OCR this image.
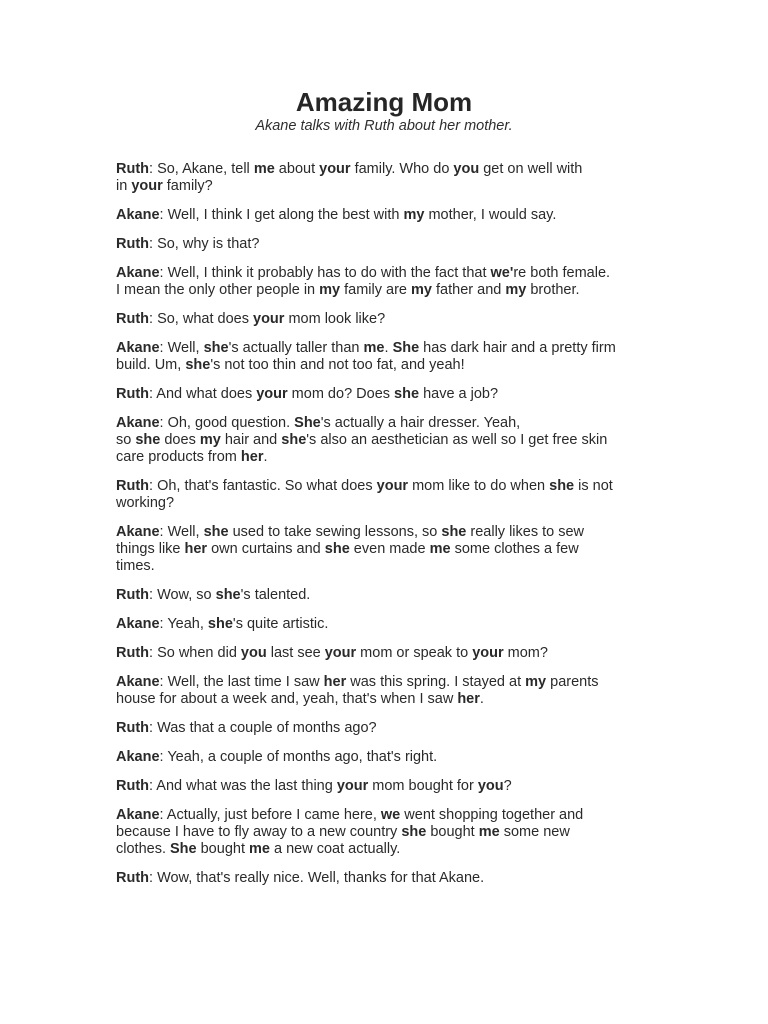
Amazing Mom

Akane talks with Ruth about her mother.

Ruth: So, Akane, tell me about your family. Who do you get on well with
in your family?

Akane: Well, I think I get along the best with my mother, I would say.

Ruth: So, why is that?

Akane: Well, I think it probably has to do with the fact that we're both female.
I mean the only other people in my family are my father and my brother.

Ruth: So, what does your mom look like?

Akane: Well, she's actually taller than me. She has dark hair and a pretty firm
build. Um, she's not too thin and not too fat, and yeah!

Ruth: And what does your mom do? Does she have a job?

Akane: Oh, good question. She's actually a hair dresser. Yeah,
so she does my hair and she's also an aesthetician as well so I get free skin
care products from her.

Ruth: Oh, that's fantastic. So what does your mom like to do when she is not
working?

Akane: Well, she used to take sewing lessons, so she really likes to sew
things like her own curtains and she even made me some clothes a few
times.

Ruth: Wow, so she's talented.

Akane: Yeah, she's quite artistic.

Ruth: So when did you last see your mom or speak to your mom?

Akane: Well, the last time I saw her was this spring. I stayed at my parents
house for about a week and, yeah, that's when I saw her.

Ruth: Was that a couple of months ago?

Akane: Yeah, a couple of months ago, that's right.

Ruth: And what was the last thing your mom bought for you?

Akane: Actually, just before I came here, we went shopping together and
because I have to fly away to a new country she bought me some new
clothes. She bought me a new coat actually.

Ruth: Wow, that's really nice. Well, thanks for that Akane.
